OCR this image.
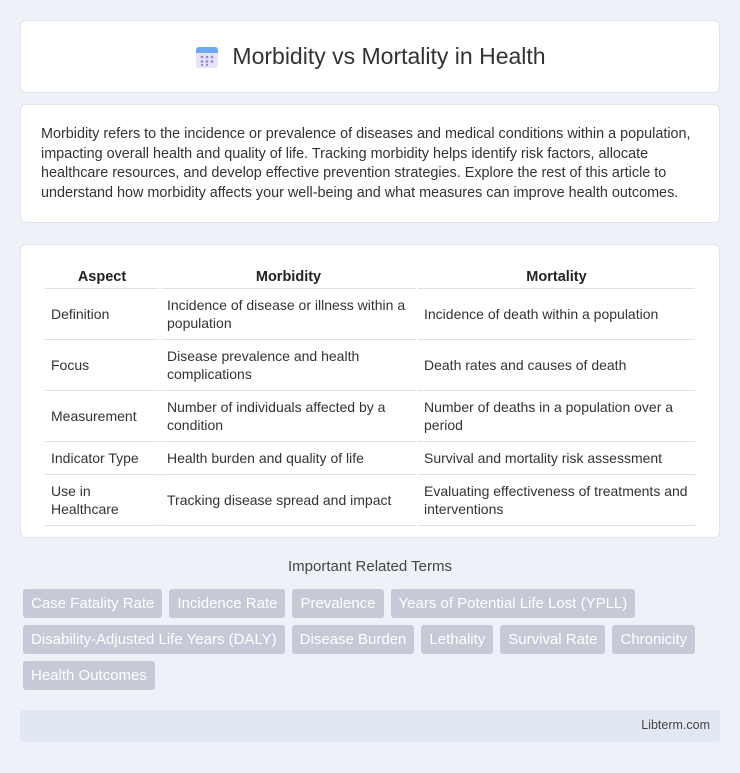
Morbidity vs Mortality in Health

Morbidity refers to the incidence or prevalence of diseases and medical conditions within a population, impacting overall health and quality of life. Tracking morbidity helps identify risk factors, allocate healthcare resources, and develop effective prevention strategies. Explore the rest of this article to understand how morbidity affects your well-being and what measures can improve health outcomes.

Aspect	Morbidity	Mortality
Definition	Incidence of disease or illness within a population	Incidence of death within a population
Focus	Disease prevalence and health complications	Death rates and causes of death
Measurement	Number of individuals affected by a condition	Number of deaths in a population over a period
Indicator Type	Health burden and quality of life	Survival and mortality risk assessment
Use in Healthcare	Tracking disease spread and impact	Evaluating effectiveness of treatments and interventions
Important Related Terms
Case Fatality Rate	Incidence Rate	Prevalence	Years of Potential Life Lost (YPLL)
Disability-Adjusted Life Years (DALY)	Disease Burden	Lethality	Survival Rate	Chronicity
Health Outcomes
Libterm.com
